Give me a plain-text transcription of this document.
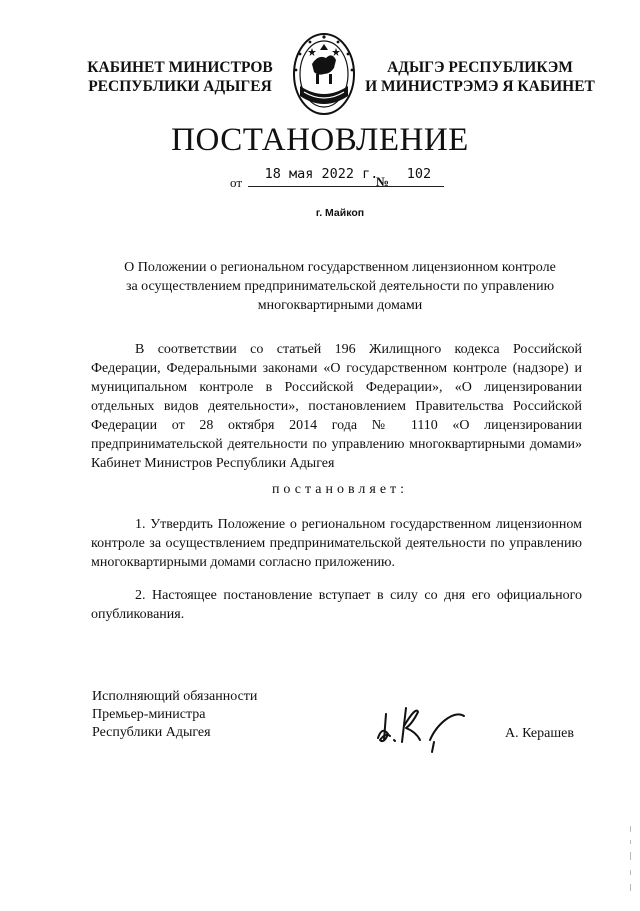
КАБИНЕТ МИНИСТРОВ
РЕСПУБЛИКИ АДЫГЕЯ
АДЫГЭ РЕСПУБЛИКЭМ
И МИНИСТРЭМЭ Я КАБИНЕТ
ПОСТАНОВЛЕНИЕ
от
18 мая 2022 г.
№	102
г. Майкоп
О Положении о региональном государственном лицензионном контроле за осуществлением предпринимательской деятельности по управлению многоквартирными домами
В соответствии со статьей 196 Жилищного кодекса Российской Федерации, Федеральными законами «О государственном контроле (надзоре) и муниципальном контроле в Российской Федерации», «О лицензировании отдельных видов деятельности», постановлением Правительства Российской Федерации от 28 октября 2014 года № 1110 «О лицензировании предпринимательской деятельности по управлению многоквартирными домами» Кабинет Министров Республики Адыгея
постановляет:
1. Утвердить Положение о региональном государственном лицензионном контроле за осуществлением предпринимательской деятельности по управлению многоквартирными домами согласно приложению.
2. Настоящее постановление вступает в силу со дня его официального опубликования.
Исполняющий обязанности
Премьер-министра
Республики Адыгея	А. Керашев
